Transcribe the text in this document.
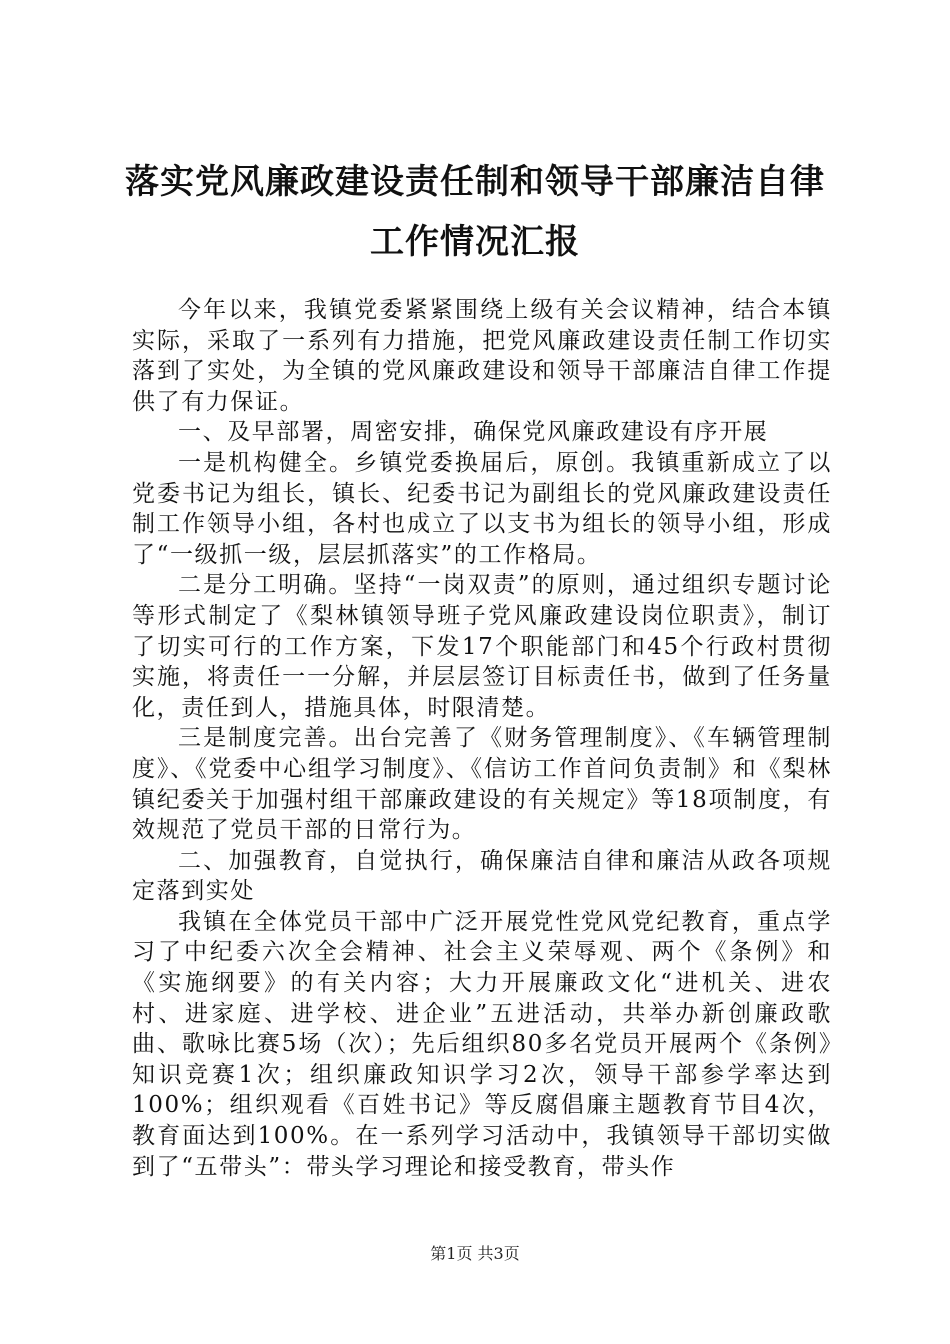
落实党风廉政建设责任制和领导干部廉洁自律
工作情况汇报

今年以来，我镇党委紧紧围绕上级有关会议精神，结合本镇实际，采取了一系列有力措施，把党风廉政建设责任制工作切实落到了实处，为全镇的党风廉政建设和领导干部廉洁自律工作提供了有力保证。

一、及早部署，周密安排，确保党风廉政建设有序开展

一是机构健全。乡镇党委换届后，原创。我镇重新成立了以党委书记为组长，镇长、纪委书记为副组长的党风廉政建设责任制工作领导小组，各村也成立了以支书为组长的领导小组，形成了“一级抓一级，层层抓落实”的工作格局。

二是分工明确。坚持“一岗双责”的原则，通过组织专题讨论等形式制定了《梨林镇领导班子党风廉政建设岗位职责》，制订了切实可行的工作方案，下发17个职能部门和45个行政村贯彻实施，将责任一一分解，并层层签订目标责任书，做到了任务量化，责任到人，措施具体，时限清楚。

三是制度完善。出台完善了《财务管理制度》、《车辆管理制度》、《党委中心组学习制度》、《信访工作首问负责制》和《梨林镇纪委关于加强村组干部廉政建设的有关规定》等18项制度，有效规范了党员干部的日常行为。

二、加强教育，自觉执行，确保廉洁自律和廉洁从政各项规定落到实处

我镇在全体党员干部中广泛开展党性党风党纪教育，重点学习了中纪委六次全会精神、社会主义荣辱观、两个《条例》和《实施纲要》的有关内容；大力开展廉政文化“进机关、进农村、进家庭、进学校、进企业”五进活动，共举办新创廉政歌曲、歌咏比赛5场（次）；先后组织80多名党员开展两个《条例》知识竞赛1次；组织廉政知识学习2次，领导干部参学率达到100%；组织观看《百姓书记》等反腐倡廉主题教育节目4次，教育面达到100%。在一系列学习活动中，我镇领导干部切实做到了“五带头”：带头学习理论和接受教育，带头作

第1页 共3页
